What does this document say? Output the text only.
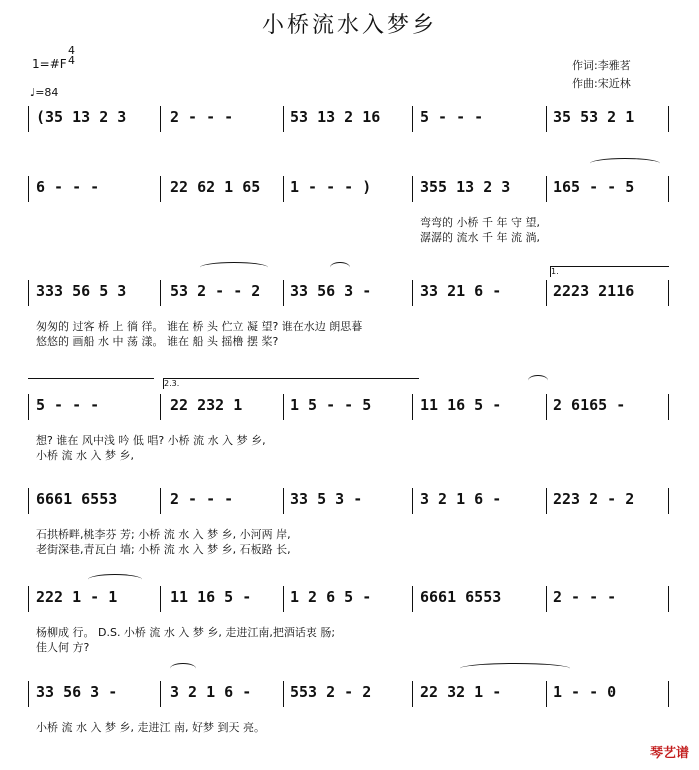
小桥流水入梦乡
1=#F
4
4
♩=84
作词:李雅茗
作曲:宋近林
(35 13 2 3	2 - - -	53 13 2 16	5 - - -	35 53 2 1
6 - - -	22 62 1 65 1 - - - )	355 13 2 3	165 - - 5
弯弯的 小桥 千 年 守 望,
潺潺的 流水 千 年 流 淌,
333 56 5 3	53 2 - - 2 33 56 3 -	33 21 6 -	2223 2116
匆匆的 过客 桥 上 徜 徉。 谁在 桥 头 伫立 凝 望? 谁在水边 朗思暮
悠悠的 画船 水 中 荡 漾。 谁在 船 头 摇橹 摆 桨?
5 - - -	22 232 1	1 5 - - 5	11 16 5 -	2 6165 -
想? 谁在 风中浅 吟 低 唱? 小桥 流 水 入 梦 乡,
小桥 流 水 入 梦 乡,
6661 6553	2 - - -	33 5 3 -	3 2 1 6 -	223 2 - 2
石拱桥畔,桃李芬 芳; 小桥 流 水 入 梦 乡, 小河两 岸,
老街深巷,青瓦白 墙; 小桥 流 水 入 梦 乡, 石板路 长,
222 1 - 1	11 16 5 -	1 2 6 5 -	6661 6553	2 - - -
杨柳成 行。 D.S. 小桥 流 水 入 梦 乡, 走进江南,把酒话衷 肠;
佳人何 方?
33 56 3 -	3 2 1 6 -	553 2 - 2	22 32 1 -	1 - - 0
小桥 流 水 入 梦 乡, 走进江 南, 好梦 到天 亮。
1.
2.3.
琴艺谱
